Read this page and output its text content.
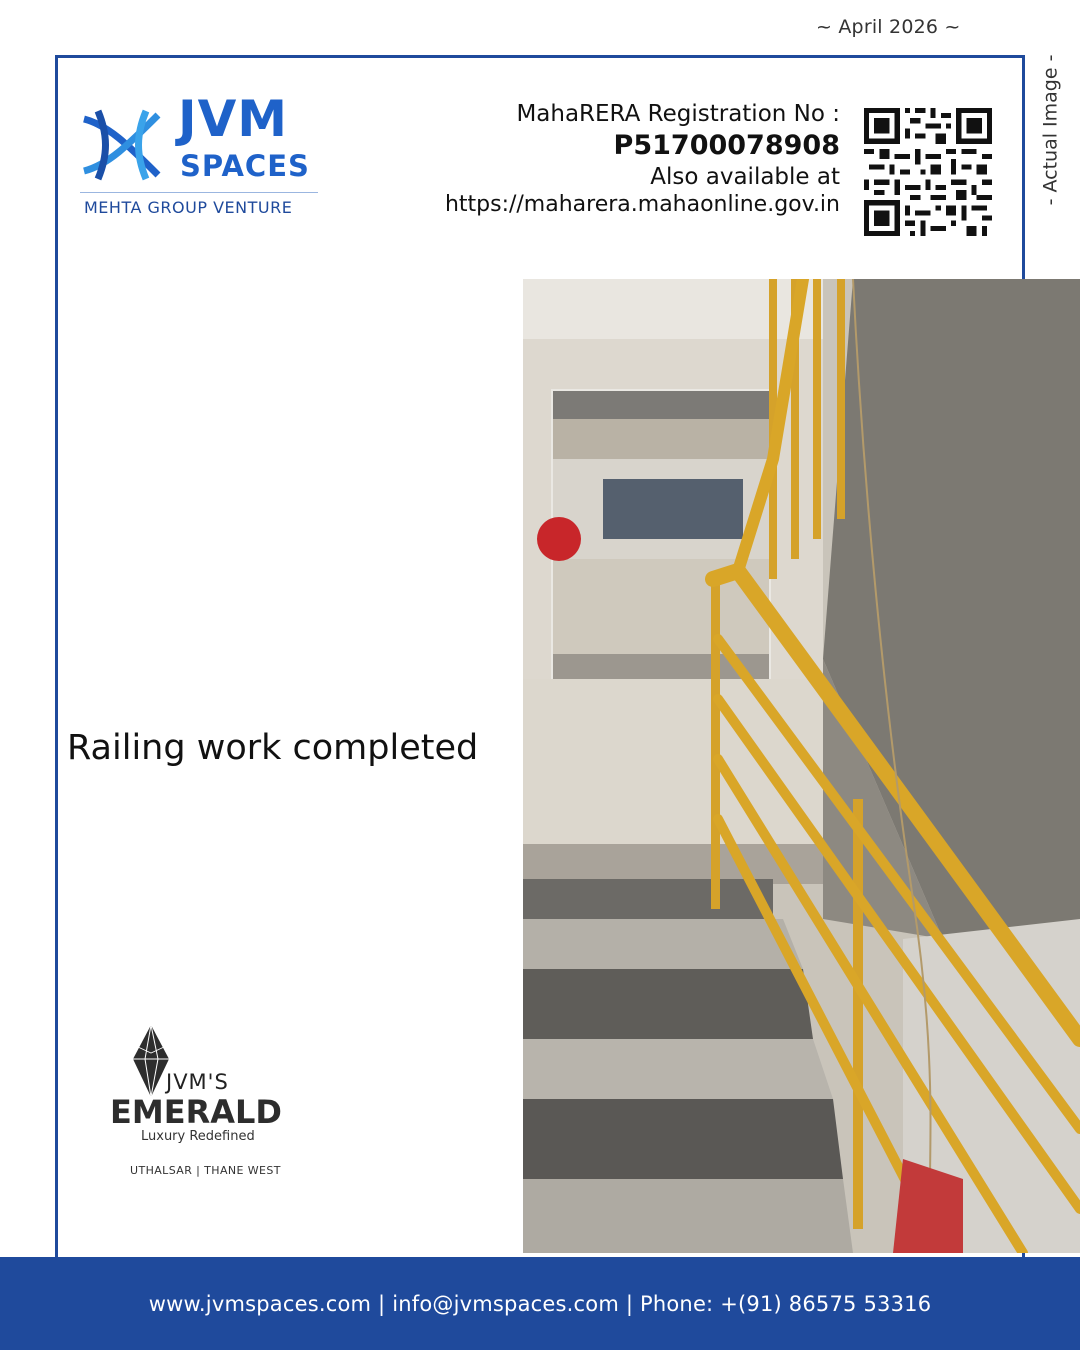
~ April 2026 ~
- Actual Image -
JVM
SPACES
MEHTA GROUP VENTURE
MahaRERA Registration No :
P51700078908
Also available at
https://maharera.mahaonline.gov.in
Railing work completed
JVM'S
EMERALD
Luxury Redefined
UTHALSAR | THANE WEST
www.jvmspaces.com | info@jvmspaces.com | Phone: +(91) 86575 53316
